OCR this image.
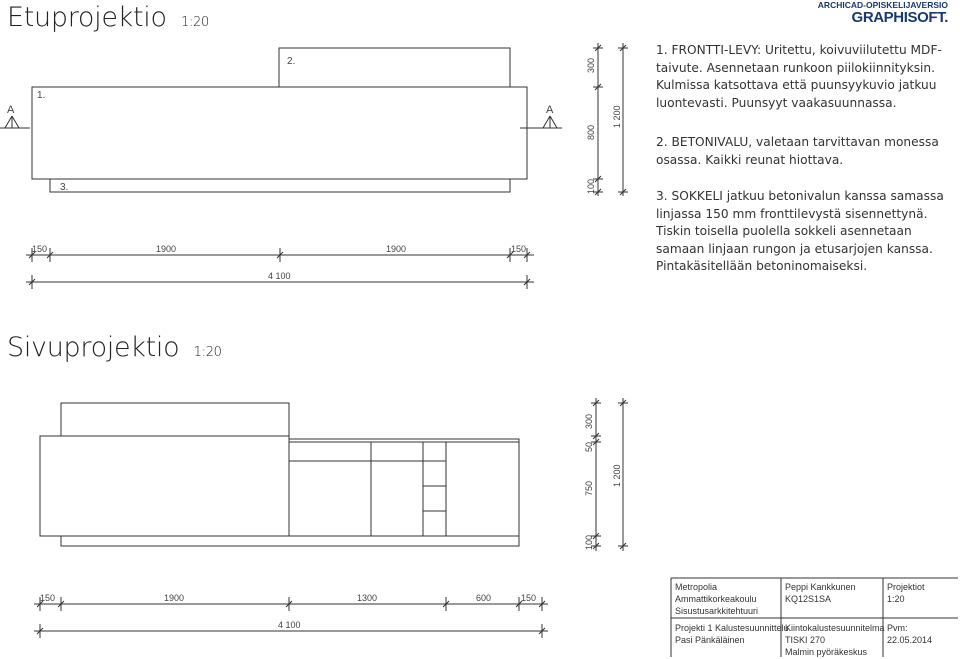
Etuprojektio 1:20
ARCHICAD-OPISKELIJAVERSIO
GRAPHISOFT.
Sivuprojektio 1:20
1. FRONTTI-LEVY: Uritettu, koivuviilutettu MDF-taivute. Asennetaan runkoon piilokiinnityksin. Kulmissa katsottava että puunsyykuvio jatkuu luontevasti. Puunsyyt vaakasuunnassa.
2. BETONIVALU, valetaan tarvittavan monessa osassa. Kaikki reunat hiottava.
3. SOKKELI jatkuu betonivalun kanssa samassa linjassa 150 mm fronttilevystä sisennettynä. Tiskin toisella puolella sokkeli asennetaan samaan linjaan rungon ja etusarjojen kanssa. Pintakäsitellään betoninomaiseksi.
1.
2.
3.
A	A
150	1900	1900	150
4 100
300
800
100
1 200
150	1900	1300	600	150
4 100
300
50
750
100
1 200
Metropolia
Ammattikorkeakoulu
Sisustusarkkitehtuuri
Peppi Kankkunen
KQ12S1SA
Projektiot
1:20
Projekti 1 Kalustesuunnittelu
Pasi Pänkäläinen
Kiintokalustesuunnitelma
TISKI 270
Malmin pyöräkeskus
Pvm:
22.05.2014
